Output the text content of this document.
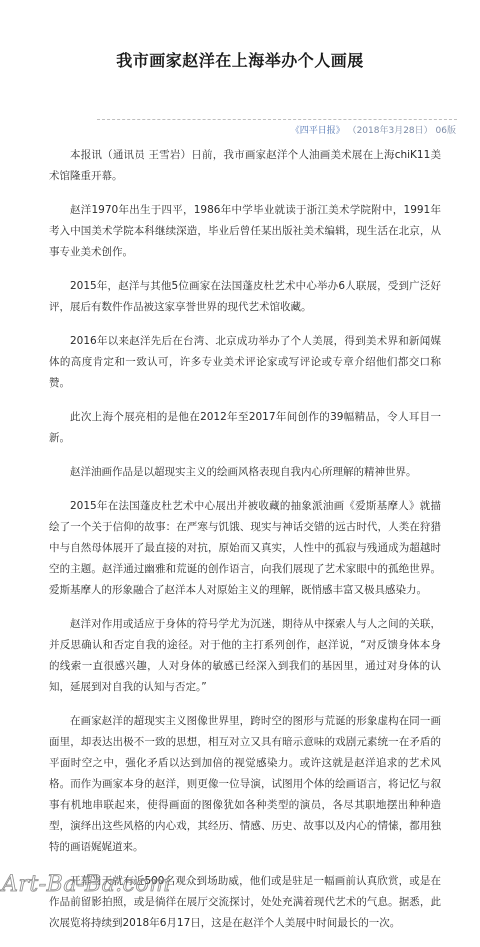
我市画家赵洋在上海举办个人画展
《四平日报》 （2018年3月28日） 06版

本报讯（通讯员 王雪岩）日前，我市画家赵洋个人油画美术展在上海chiK11美术馆隆重开幕。

赵洋1970年出生于四平，1986年中学毕业就读于浙江美术学院附中，1991年考入中国美术学院本科继续深造，毕业后曾任某出版社美术编辑，现生活在北京，从事专业美术创作。

2015年，赵洋与其他5位画家在法国蓬皮杜艺术中心举办6人联展，受到广泛好评，展后有数件作品被这家享誉世界的现代艺术馆收藏。

2016年以来赵洋先后在台湾、北京成功举办了个人美展，得到美术界和新闻媒体的高度肯定和一致认可，许多专业美术评论家或写评论或专章介绍他们都交口称赞。

此次上海个展亮相的是他在2012年至2017年间创作的39幅精品，令人耳目一新。

赵洋油画作品是以超现实主义的绘画风格表现自我内心所理解的精神世界。

2015年在法国蓬皮杜艺术中心展出并被收藏的抽象派油画《爱斯基摩人》就描绘了一个关于信仰的故事：在严寒与饥饿、现实与神话交错的远古时代，人类在狩猎中与自然母体展开了最直接的对抗，原始而又真实，人性中的孤寂与残通成为超越时空的主题。赵洋通过幽雅和荒诞的创作语言，向我们展现了艺术家眼中的孤绝世界。爱斯基摩人的形象融合了赵洋本人对原始主义的理解，既悄感丰富又极具感染力。

赵洋对作用或适应于身体的符号学尤为沉迷，期待从中探索人与人之间的关联，并反思确认和否定自我的途径。对于他的主打系列创作，赵洋说，“对反馈身体本身的线索一直很感兴趣，人对身体的敏感已经深入到我们的基因里，通过对身体的认知，延展到对自我的认知与否定。”

在画家赵洋的超现实主义图像世界里，跨时空的图形与荒诞的形象虚构在同一画面里，却表达出极不一致的思想，相互对立又具有暗示意味的戏剧元素统一在矛盾的平面时空之中，强化矛盾以达到加倍的视觉感染力。或许这就是赵洋追求的艺术风格。而作为画家本身的赵洋，则更像一位导演，试图用个体的绘画语言，将记忆与叙事有机地串联起来，使得画面的图像犹如各种类型的演员，各尽其职地摆出种种造型，演绎出这些风格的内心戏，其经历、情感、历史、故事以及内心的情愫，都用独特的画语娓娓道来。

开幕当天就有近500名观众到场助威，他们或是驻足一幅画前认真欣赏，或是在作品前留影拍照，或是徜徉在展厅交流探讨，处处充满着现代艺术的气息。据悉，此次展览将持续到2018年6月17日，这是在赵洋个人美展中时间最长的一次。

Art-Ba-Ba.com
